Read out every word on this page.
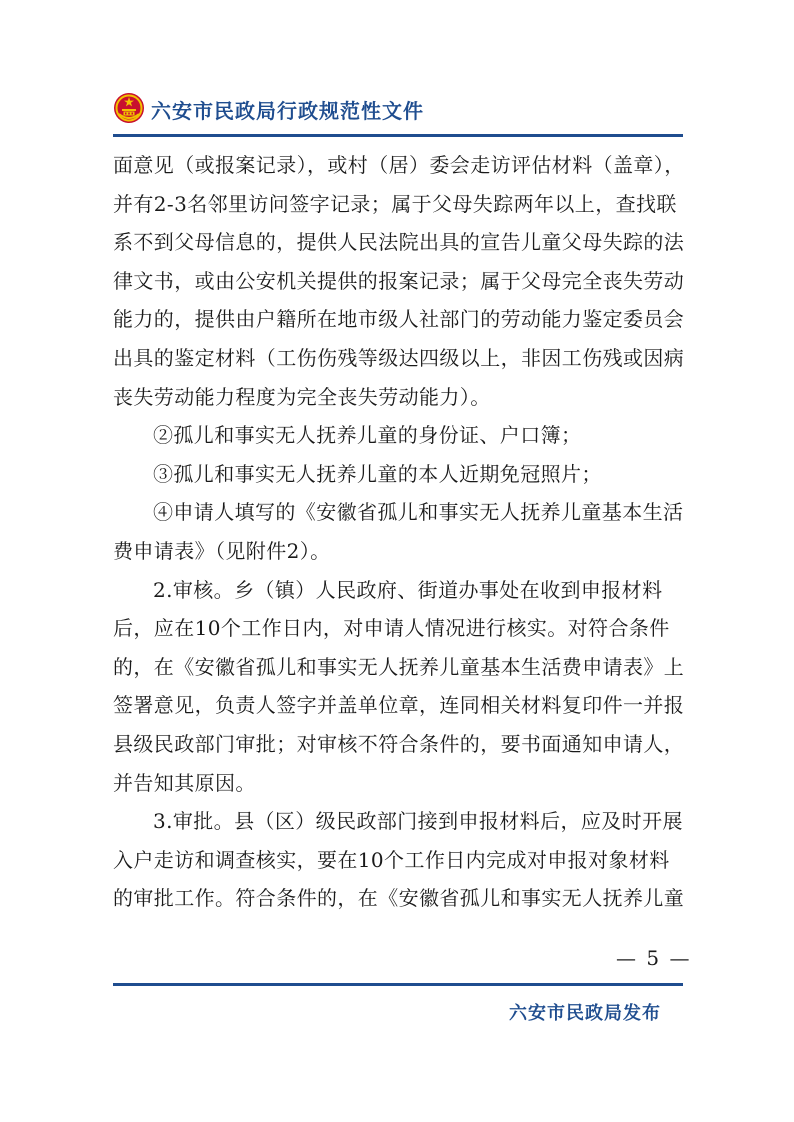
六安市民政局行政规范性文件

面意见（或报案记录），或村（居）委会走访评估材料（盖章），并有2-3名邻里访问签字记录；属于父母失踪两年以上，查找联系不到父母信息的，提供人民法院出具的宣告儿童父母失踪的法律文书，或由公安机关提供的报案记录；属于父母完全丧失劳动能力的，提供由户籍所在地市级人社部门的劳动能力鉴定委员会出具的鉴定材料（工伤伤残等级达四级以上，非因工伤残或因病丧失劳动能力程度为完全丧失劳动能力）。

②孤儿和事实无人抚养儿童的身份证、户口簿；

③孤儿和事实无人抚养儿童的本人近期免冠照片；

④申请人填写的《安徽省孤儿和事实无人抚养儿童基本生活费申请表》（见附件2）。

2.审核。乡（镇）人民政府、街道办事处在收到申报材料后，应在10个工作日内，对申请人情况进行核实。对符合条件的，在《安徽省孤儿和事实无人抚养儿童基本生活费申请表》上签署意见，负责人签字并盖单位章，连同相关材料复印件一并报县级民政部门审批；对审核不符合条件的，要书面通知申请人，并告知其原因。

3.审批。县（区）级民政部门接到申报材料后，应及时开展入户走访和调查核实，要在10个工作日内完成对申报对象材料的审批工作。符合条件的，在《安徽省孤儿和事实无人抚养儿童

— 5 —
六安市民政局发布
